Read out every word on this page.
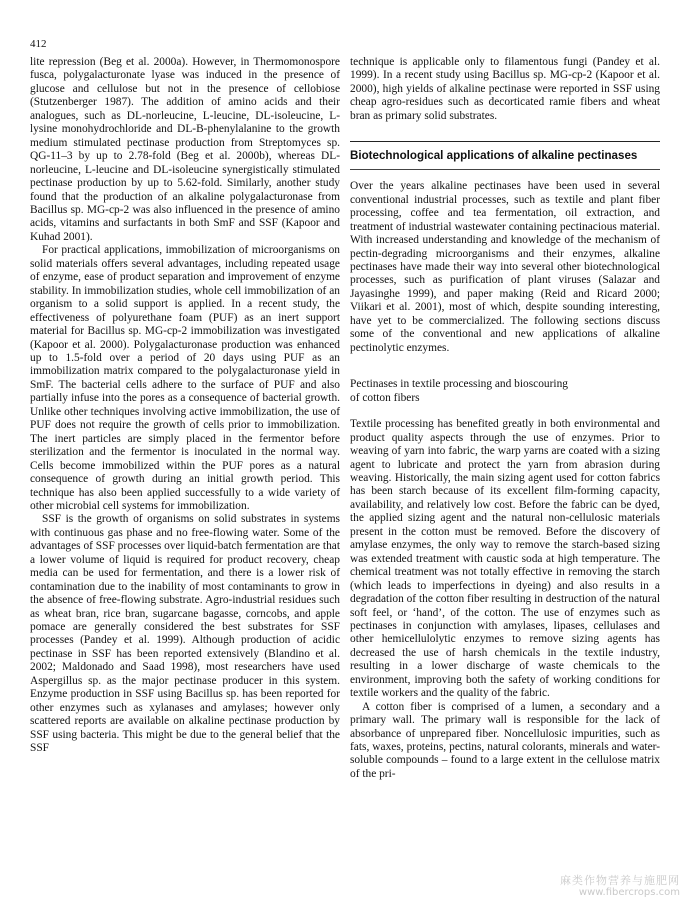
412

lite repression (Beg et al. 2000a). However, in Thermomonospore fusca, polygalacturonate lyase was induced in the presence of glucose and cellulose but not in the presence of cellobiose (Stutzenberger 1987). The addition of amino acids and their analogues, such as DL-norleucine, L-leucine, DL-isoleucine, L-lysine monohydrochloride and DL-B-phenylalanine to the growth medium stimulated pectinase production from Streptomyces sp. QG-11–3 by up to 2.78-fold (Beg et al. 2000b), whereas DL-norleucine, L-leucine and DL-isoleucine synergistically stimulated pectinase production by up to 5.62-fold. Similarly, another study found that the production of an alkaline polygalacturonase from Bacillus sp. MG-cp-2 was also influenced in the presence of amino acids, vitamins and surfactants in both SmF and SSF (Kapoor and Kuhad 2001).

For practical applications, immobilization of microorganisms on solid materials offers several advantages, including repeated usage of enzyme, ease of product separation and improvement of enzyme stability. In immobilization studies, whole cell immobilization of an organism to a solid support is applied. In a recent study, the effectiveness of polyurethane foam (PUF) as an inert support material for Bacillus sp. MG-cp-2 immobilization was investigated (Kapoor et al. 2000). Polygalacturonase production was enhanced up to 1.5-fold over a period of 20 days using PUF as an immobilization matrix compared to the polygalacturonase yield in SmF. The bacterial cells adhere to the surface of PUF and also partially infuse into the pores as a consequence of bacterial growth. Unlike other techniques involving active immobilization, the use of PUF does not require the growth of cells prior to immobilization. The inert particles are simply placed in the fermentor before sterilization and the fermentor is inoculated in the normal way. Cells become immobilized within the PUF pores as a natural consequence of growth during an initial growth period. This technique has also been applied successfully to a wide variety of other microbial cell systems for immobilization.

SSF is the growth of organisms on solid substrates in systems with continuous gas phase and no free-flowing water. Some of the advantages of SSF processes over liquid-batch fermentation are that a lower volume of liquid is required for product recovery, cheap media can be used for fermentation, and there is a lower risk of contamination due to the inability of most contaminants to grow in the absence of free-flowing substrate. Agro-industrial residues such as wheat bran, rice bran, sugarcane bagasse, corncobs, and apple pomace are generally considered the best substrates for SSF processes (Pandey et al. 1999). Although production of acidic pectinase in SSF has been reported extensively (Blandino et al. 2002; Maldonado and Saad 1998), most researchers have used Aspergillus sp. as the major pectinase producer in this system. Enzyme production in SSF using Bacillus sp. has been reported for other enzymes such as xylanases and amylases; however only scattered reports are available on alkaline pectinase production by SSF using bacteria. This might be due to the general belief that the SSF

technique is applicable only to filamentous fungi (Pandey et al. 1999). In a recent study using Bacillus sp. MG-cp-2 (Kapoor et al. 2000), high yields of alkaline pectinase were reported in SSF using cheap agro-residues such as decorticated ramie fibers and wheat bran as primary solid substrates.

Biotechnological applications of alkaline pectinases

Over the years alkaline pectinases have been used in several conventional industrial processes, such as textile and plant fiber processing, coffee and tea fermentation, oil extraction, and treatment of industrial wastewater containing pectinacious material. With increased understanding and knowledge of the mechanism of pectin-degrading microorganisms and their enzymes, alkaline pectinases have made their way into several other biotechnological processes, such as purification of plant viruses (Salazar and Jayasinghe 1999), and paper making (Reid and Ricard 2000; Viikari et al. 2001), most of which, despite sounding interesting, have yet to be commercialized. The following sections discuss some of the conventional and new applications of alkaline pectinolytic enzymes.

Pectinases in textile processing and bioscouring
of cotton fibers

Textile processing has benefited greatly in both environmental and product quality aspects through the use of enzymes. Prior to weaving of yarn into fabric, the warp yarns are coated with a sizing agent to lubricate and protect the yarn from abrasion during weaving. Historically, the main sizing agent used for cotton fabrics has been starch because of its excellent film-forming capacity, availability, and relatively low cost. Before the fabric can be dyed, the applied sizing agent and the natural non-cellulosic materials present in the cotton must be removed. Before the discovery of amylase enzymes, the only way to remove the starch-based sizing was extended treatment with caustic soda at high temperature. The chemical treatment was not totally effective in removing the starch (which leads to imperfections in dyeing) and also results in a degradation of the cotton fiber resulting in destruction of the natural soft feel, or ‘hand’, of the cotton. The use of enzymes such as pectinases in conjunction with amylases, lipases, cellulases and other hemicellulolytic enzymes to remove sizing agents has decreased the use of harsh chemicals in the textile industry, resulting in a lower discharge of waste chemicals to the environment, improving both the safety of working conditions for textile workers and the quality of the fabric.

A cotton fiber is comprised of a lumen, a secondary and a primary wall. The primary wall is responsible for the lack of absorbance of unprepared fiber. Noncellulosic impurities, such as fats, waxes, proteins, pectins, natural colorants, minerals and water-soluble compounds – found to a large extent in the cellulose matrix of the pri-

麻类作物营养与施肥网
www.fibercrops.com
